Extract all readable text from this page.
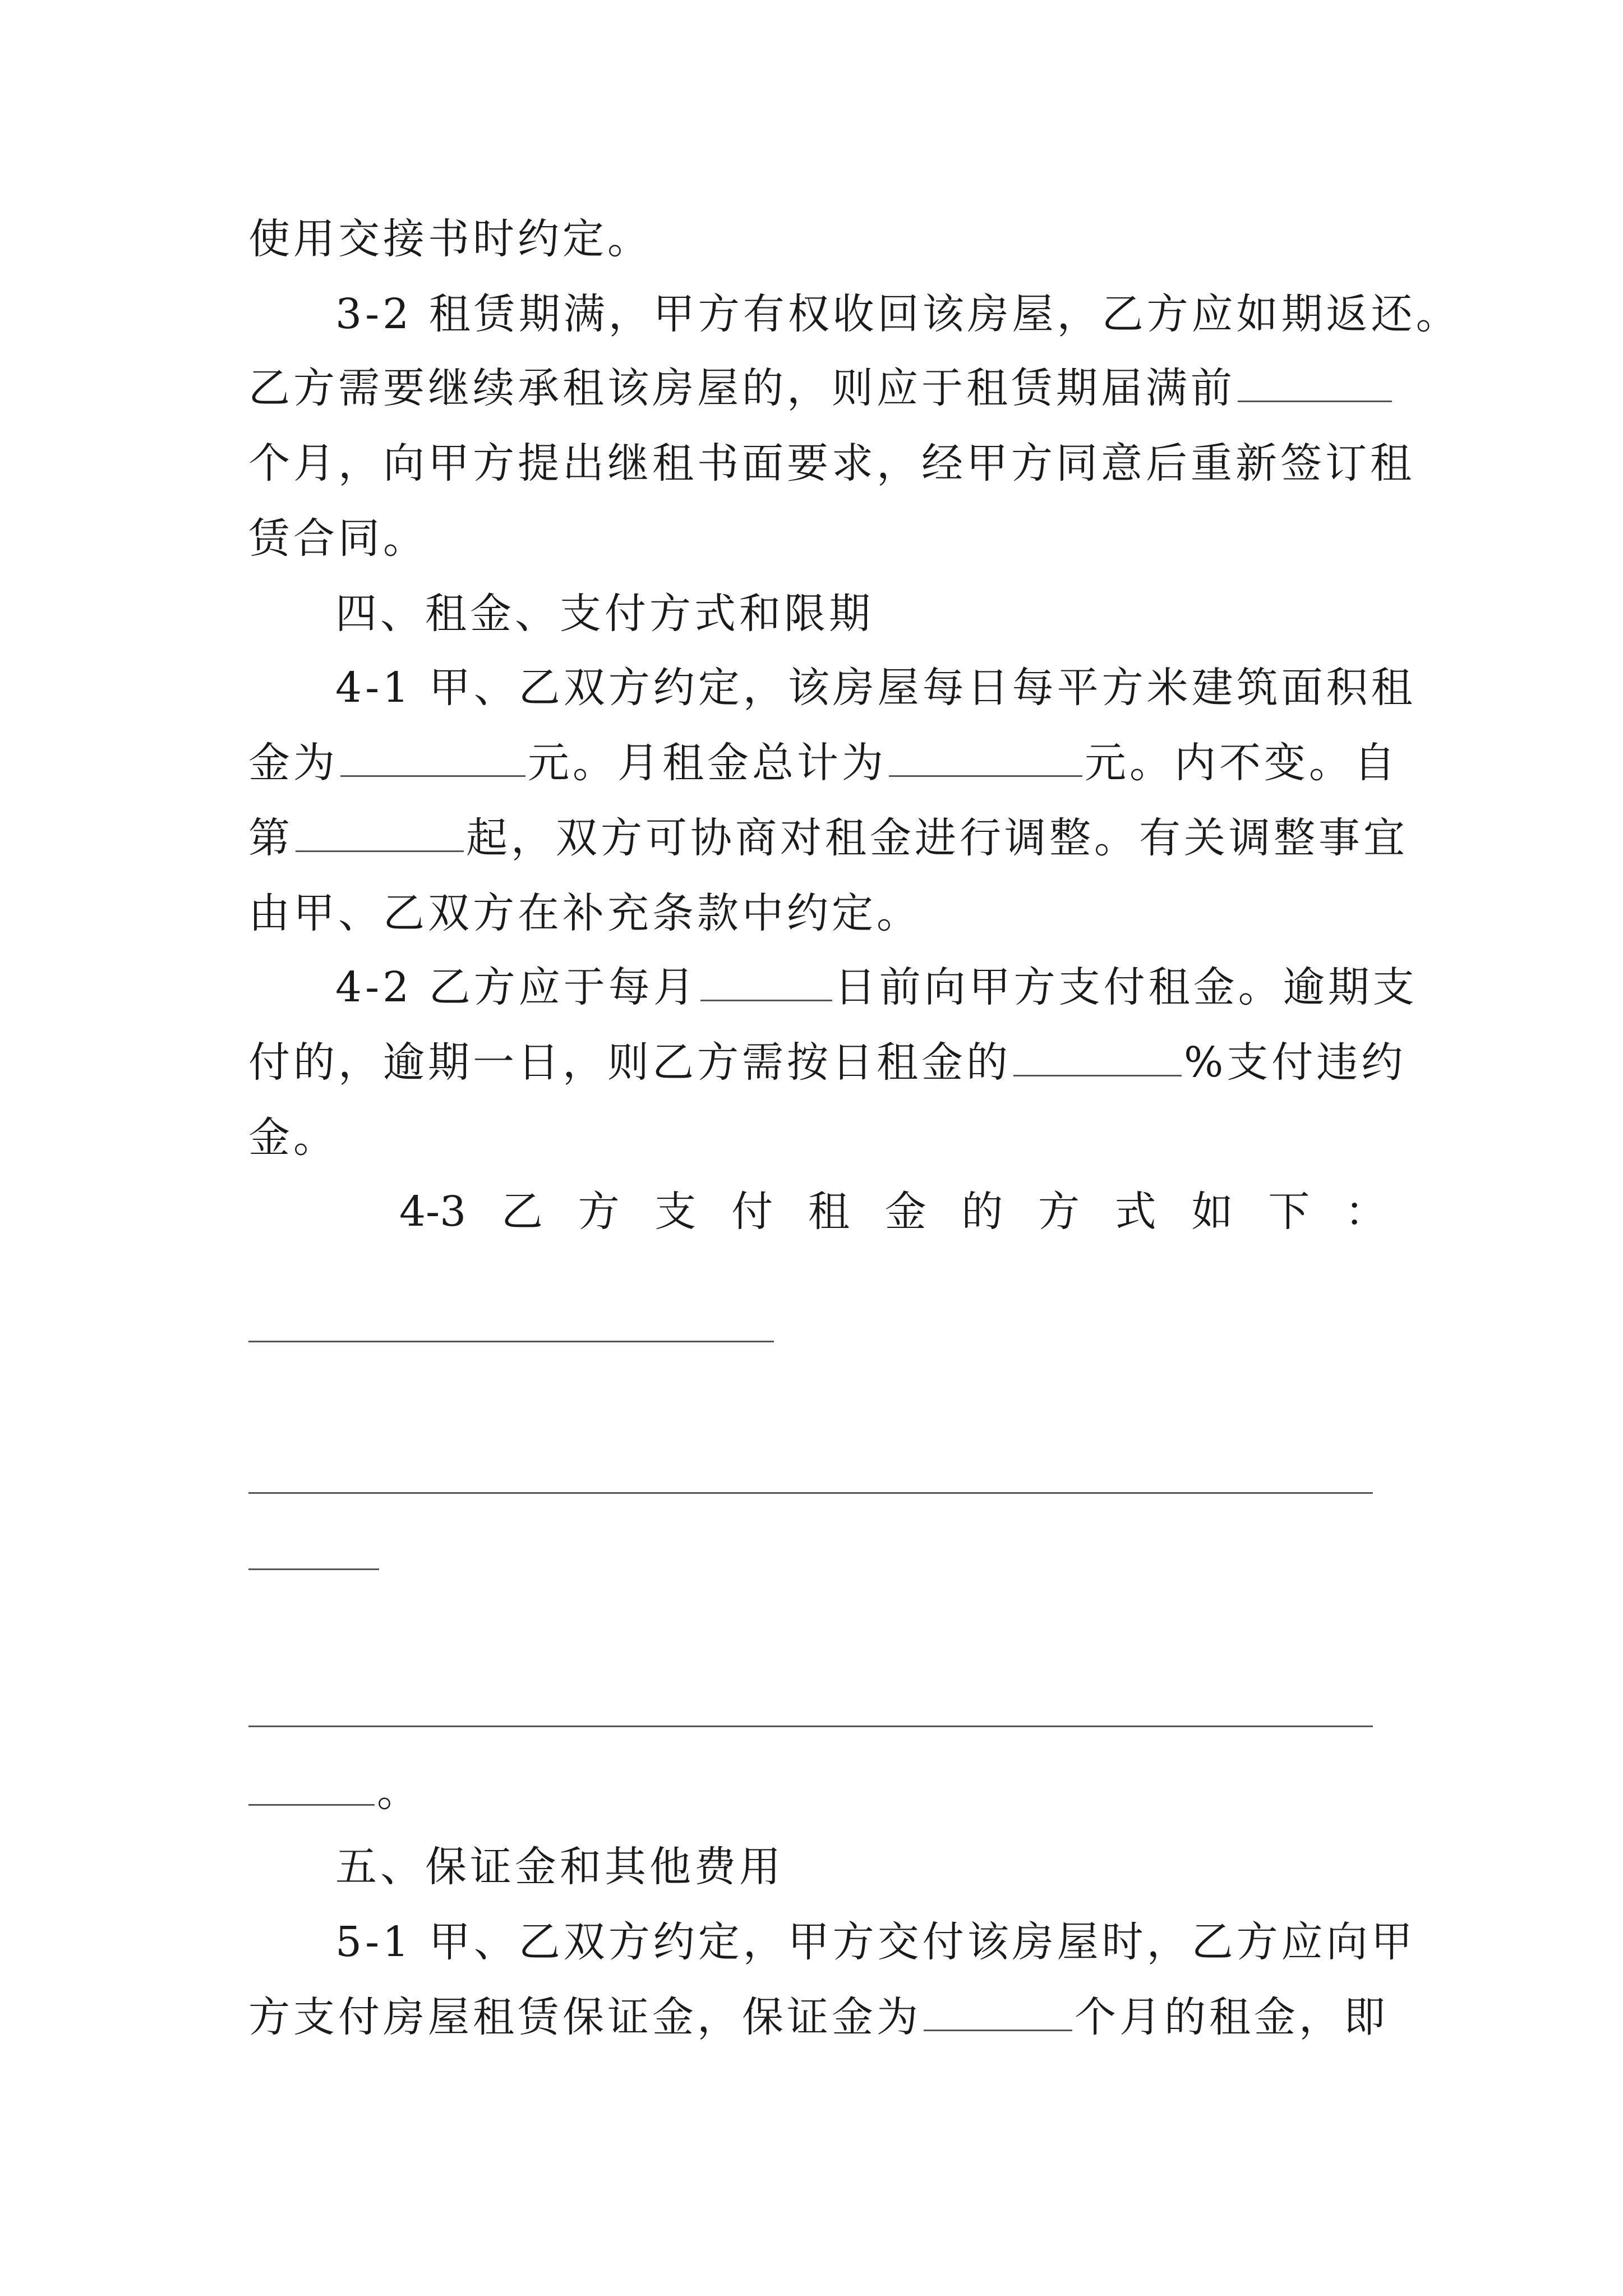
使用交接书时约定。
3-2 租赁期满，甲方有权收回该房屋，乙方应如期返还。
乙方需要继续承租该房屋的，则应于租赁期届满前
个月，向甲方提出继租书面要求，经甲方同意后重新签订租
赁合同。
四、租金、支付方式和限期
4-1 甲、乙双方约定，该房屋每日每平方米建筑面积租
金为	元。月租金总计为	元。内不变。自
第	起，双方可协商对租金进行调整。有关调整事宜
由甲、乙双方在补充条款中约定。
4-2 乙方应于每月	日前向甲方支付租金。逾期支
付的，逾期一日，则乙方需按日租金的	%支付违约
金。
4-3 乙 方 支 付 租 金 的 方 式 如 下 ：
。
五、保证金和其他费用
5-1 甲、乙双方约定，甲方交付该房屋时，乙方应向甲
方支付房屋租赁保证金，保证金为	个月的租金，即
